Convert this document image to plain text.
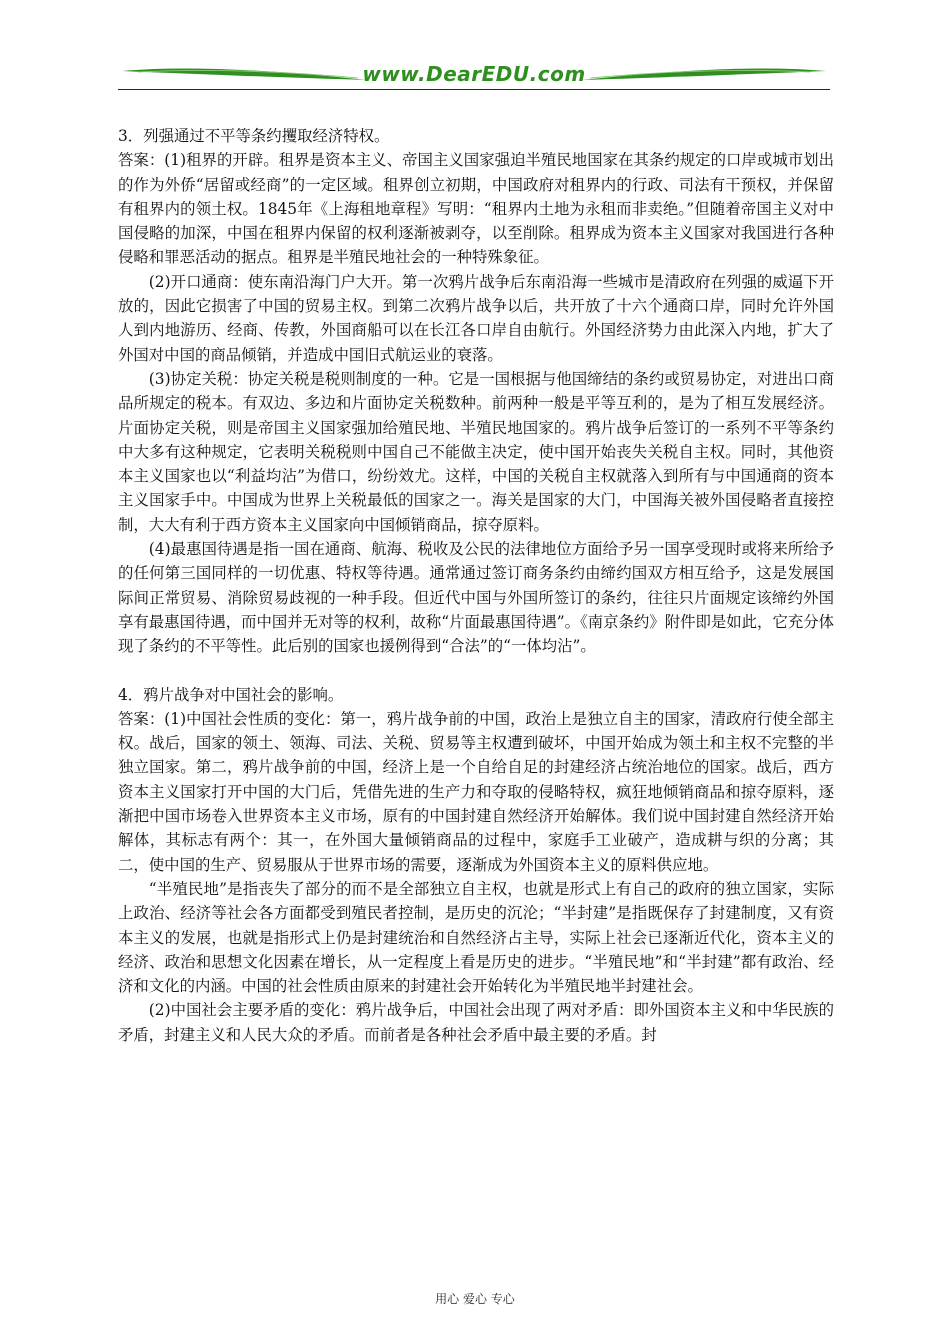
www.DearEDU.com

3．列强通过不平等条约攫取经济特权。

答案：(1)租界的开辟。租界是资本主义、帝国主义国家强迫半殖民地国家在其条约规定的口岸或城市划出的作为外侨“居留或经商”的一定区域。租界创立初期，中国政府对租界内的行政、司法有干预权，并保留有租界内的领土权。1845年《上海租地章程》写明：“租界内土地为永租而非卖绝。”但随着帝国主义对中国侵略的加深，中国在租界内保留的权利逐渐被剥夺，以至削除。租界成为资本主义国家对我国进行各种侵略和罪恶活动的据点。租界是半殖民地社会的一种特殊象征。

(2)开口通商：使东南沿海门户大开。第一次鸦片战争后东南沿海一些城市是清政府在列强的威逼下开放的，因此它损害了中国的贸易主权。到第二次鸦片战争以后，共开放了十六个通商口岸，同时允许外国人到内地游历、经商、传教，外国商船可以在长江各口岸自由航行。外国经济势力由此深入内地，扩大了外国对中国的商品倾销，并造成中国旧式航运业的衰落。

(3)协定关税：协定关税是税则制度的一种。它是一国根据与他国缔结的条约或贸易协定，对进出口商品所规定的税本。有双边、多边和片面协定关税数种。前两种一般是平等互利的，是为了相互发展经济。片面协定关税，则是帝国主义国家强加给殖民地、半殖民地国家的。鸦片战争后签订的一系列不平等条约中大多有这种规定，它表明关税税则中国自己不能做主决定，使中国开始丧失关税自主权。同时，其他资本主义国家也以“利益均沾”为借口，纷纷效尤。这样，中国的关税自主权就落入到所有与中国通商的资本主义国家手中。中国成为世界上关税最低的国家之一。海关是国家的大门，中国海关被外国侵略者直接控制，大大有利于西方资本主义国家向中国倾销商品，掠夺原料。

(4)最惠国待遇是指一国在通商、航海、税收及公民的法律地位方面给予另一国享受现时或将来所给予的任何第三国同样的一切优惠、特权等待遇。通常通过签订商务条约由缔约国双方相互给予，这是发展国际间正常贸易、消除贸易歧视的一种手段。但近代中国与外国所签订的条约，往往只片面规定该缔约外国享有最惠国待遇，而中国并无对等的权利，故称“片面最惠国待遇”。《南京条约》附件即是如此，它充分体现了条约的不平等性。此后别的国家也援例得到“合法”的“一体均沾”。

4．鸦片战争对中国社会的影响。

答案：(1)中国社会性质的变化：第一，鸦片战争前的中国，政治上是独立自主的国家，清政府行使全部主权。战后，国家的领土、领海、司法、关税、贸易等主权遭到破坏，中国开始成为领土和主权不完整的半独立国家。第二，鸦片战争前的中国，经济上是一个自给自足的封建经济占统治地位的国家。战后，西方资本主义国家打开中国的大门后，凭借先进的生产力和夺取的侵略特权，疯狂地倾销商品和掠夺原料，逐渐把中国市场卷入世界资本主义市场，原有的中国封建自然经济开始解体。我们说中国封建自然经济开始解体，其标志有两个：其一，在外国大量倾销商品的过程中，家庭手工业破产，造成耕与织的分离；其二，使中国的生产、贸易服从于世界市场的需要，逐渐成为外国资本主义的原料供应地。

“半殖民地”是指丧失了部分的而不是全部独立自主权，也就是形式上有自己的政府的独立国家，实际上政治、经济等社会各方面都受到殖民者控制，是历史的沉沦；“半封建”是指既保存了封建制度，又有资本主义的发展，也就是指形式上仍是封建统治和自然经济占主导，实际上社会已逐渐近代化，资本主义的经济、政治和思想文化因素在增长，从一定程度上看是历史的进步。“半殖民地”和“半封建”都有政治、经济和文化的内涵。中国的社会性质由原来的封建社会开始转化为半殖民地半封建社会。

(2)中国社会主要矛盾的变化：鸦片战争后，中国社会出现了两对矛盾：即外国资本主义和中华民族的矛盾，封建主义和人民大众的矛盾。而前者是各种社会矛盾中最主要的矛盾。封

用心 爱心 专心
